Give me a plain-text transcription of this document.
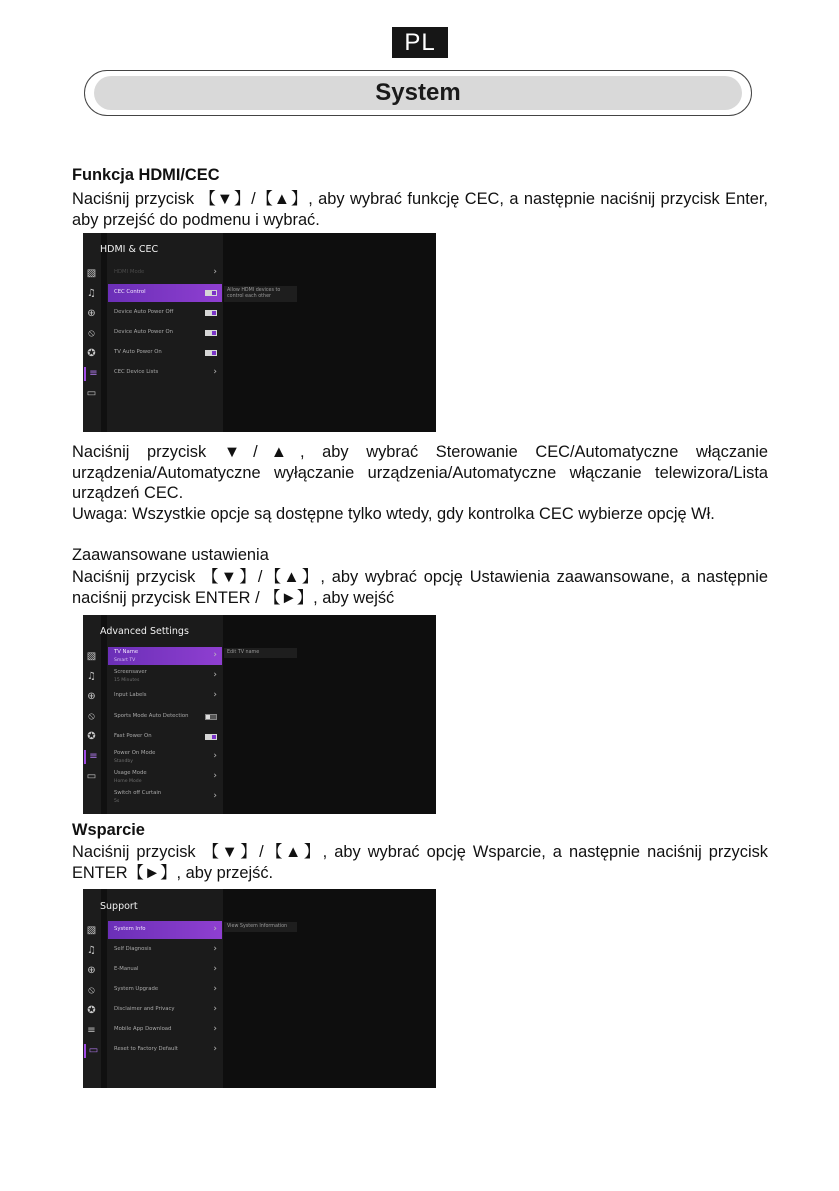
PL
System
Funkcja HDMI/CEC
Naciśnij przycisk 【▼】/【▲】, aby wybrać funkcję CEC, a następnie naciśnij przycisk Enter, aby przejść do podmenu i wybrać.
▧
♫
⊕
⦸
✪
≡
▭
HDMI & CEC
HDMI Mode	›
CEC Control
Device Auto Power Off
Device Auto Power On
TV Auto Power On
CEC Device Lists	›
Allow HDMI devices to control each other
Naciśnij przycisk ▼/▲, aby wybrać Sterowanie CEC/Automatyczne włączanie urządzenia/Automatyczne wyłączanie urządzenia/Automatyczne włączanie telewizora/Lista urządzeń CEC.
Uwaga: Wszystkie opcje są dostępne tylko wtedy, gdy kontrolka CEC wybierze opcję Wł.
Zaawansowane ustawienia
Naciśnij przycisk 【▼】/【▲】, aby wybrać opcję Ustawienia zaawansowane, a następnie naciśnij przycisk ENTER / 【►】, aby wejść
▧
♫
⊕
⦸
✪
≡
▭
Advanced Settings
TV Name
Smart TV
›
Screensaver
15 Minutes
›
Input Labels	›
Sports Mode Auto Detection
Fast Power On
Power On Mode
Standby
›
Usage Mode
Home Mode
›
Switch off Curtain
5s
›
Edit TV name
Wsparcie
Naciśnij przycisk 【▼】/【▲】, aby wybrać opcję Wsparcie, a następnie naciśnij przycisk ENTER【►】, aby przejść.
▧
♫
⊕
⦸
✪
≡
▭
Support
System Info	›
Self Diagnosis	›
E-Manual	›
System Upgrade	›
Disclaimer and Privacy	›
Mobile App Download	›
Reset to Factory Default	›
View System Information
